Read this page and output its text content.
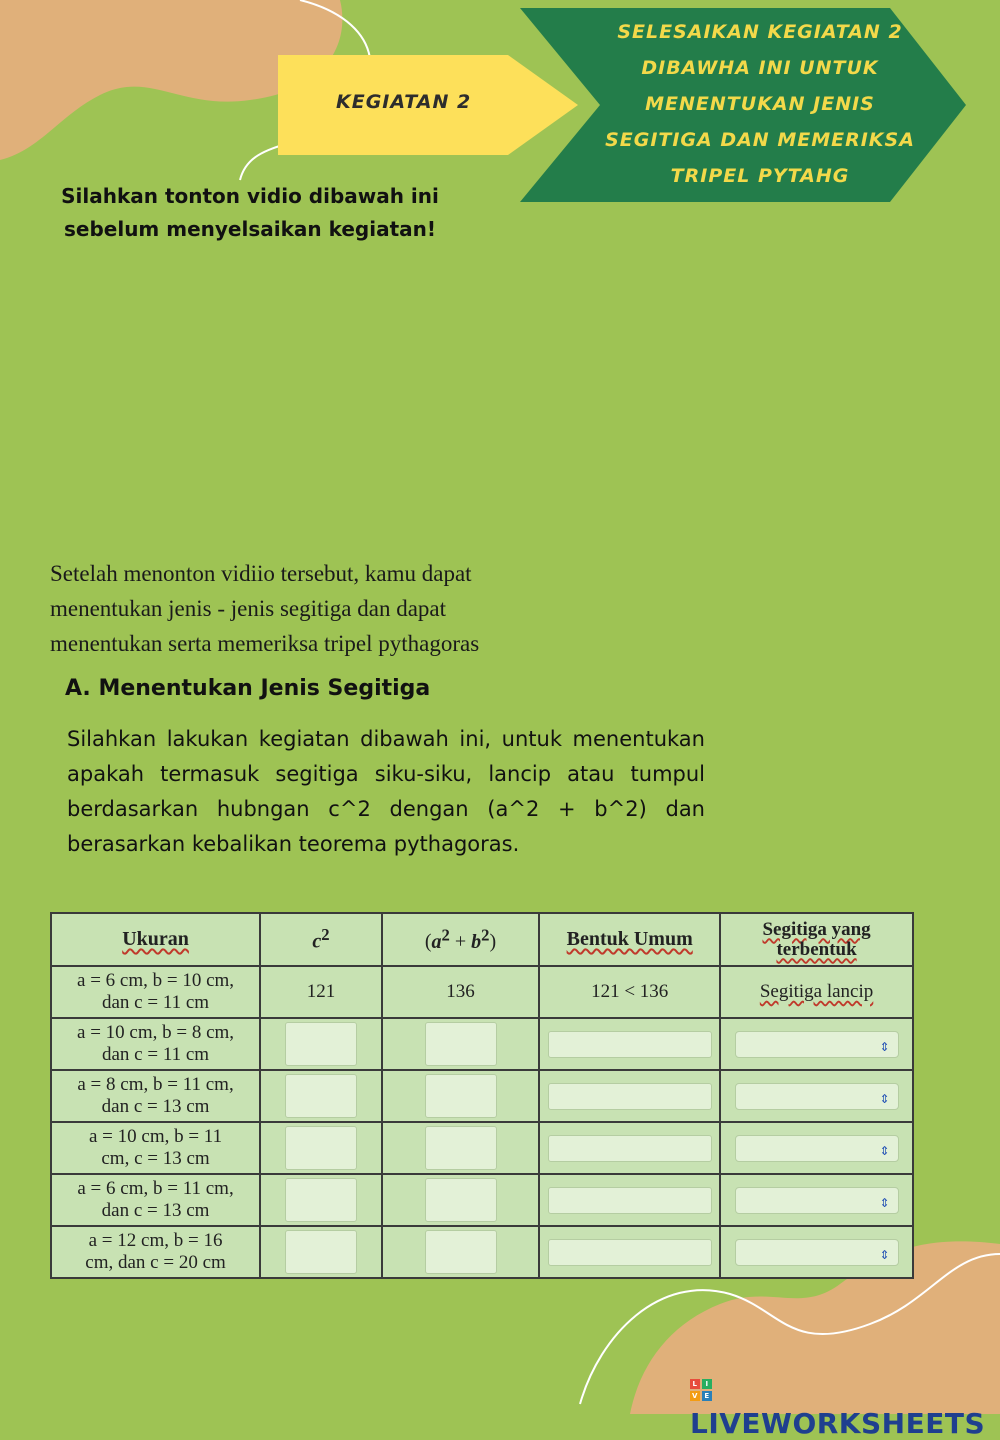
KEGIATAN 2
SELESAIKAN KEGIATAN 2
DIBAWHA INI UNTUK
MENENTUKAN JENIS
SEGITIGA DAN MEMERIKSA
TRIPEL PYTAHG
Silahkan tonton vidio dibawah ini
sebelum menyelsaikan kegiatan!
Setelah menonton vidiio tersebut, kamu dapat
menentukan jenis - jenis segitiga dan dapat
menentukan serta memeriksa tripel pythagoras
A. Menentukan Jenis Segitiga
Silahkan lakukan kegiatan dibawah ini, untuk menentukan apakah termasuk segitiga siku-siku, lancip atau tumpul berdasarkan hubngan c^2 dengan (a^2 + b^2) dan berasarkan kebalikan teorema pythagoras.
Ukuran	$c^2$	$(a^2 + b^2)$	Bentuk Umum	Segitiga yang
terbentuk

a = 6 cm, b = 10 cm,
dan c = 11 cm	121	136	121 < 136	Segitiga lancip

a = 10 cm, b = 8 cm,
dan c = 11 cm				⇕

a = 8 cm, b = 11 cm,
dan c = 13 cm				⇕

a = 10 cm, b = 11
cm, c = 13 cm				⇕

a = 6 cm, b = 11 cm,
dan c = 13 cm				⇕

a = 12 cm, b = 16
cm, dan c = 20 cm				⇕
L	I
V E
LIVEWORKSHEETS
